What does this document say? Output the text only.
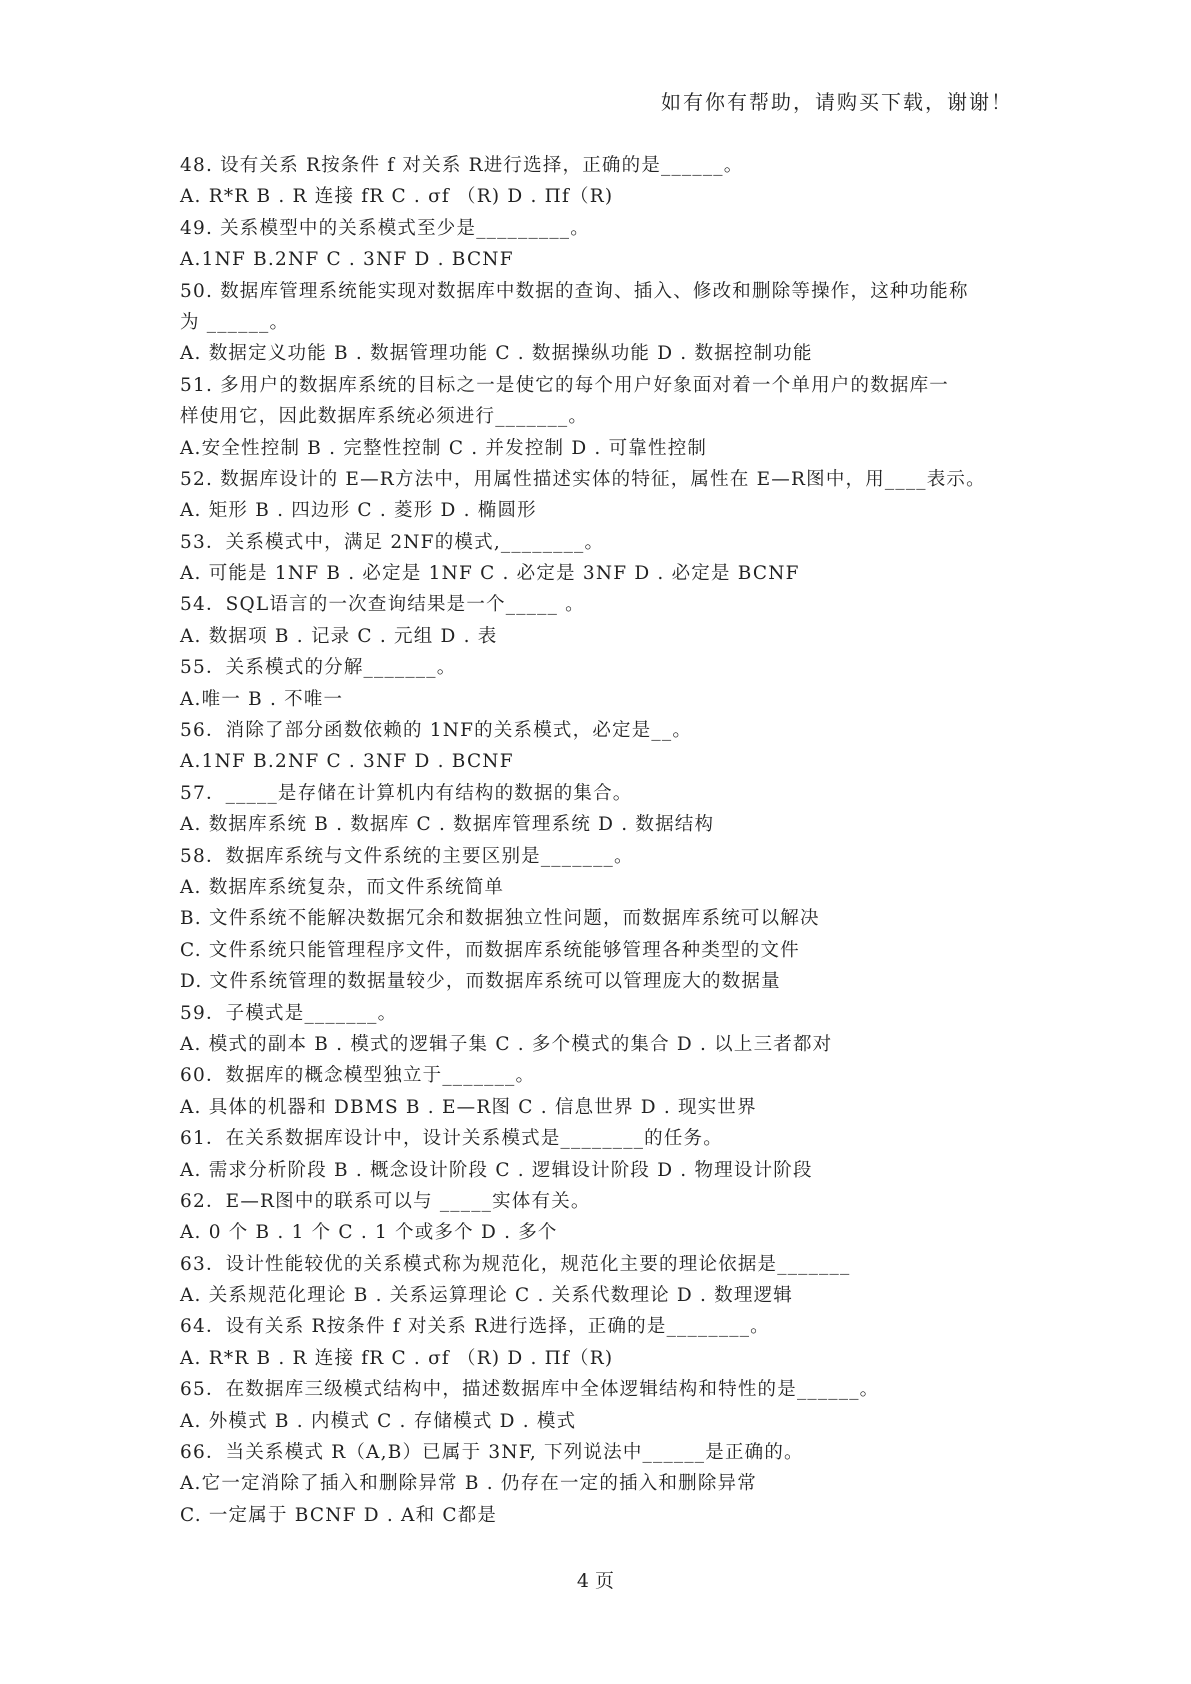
如有你有帮助，请购买下载，谢谢！
48. 设有关系 R按条件 f 对关系 R进行选择，正确的是______。
A. R*R B . R 连接 fR C . σf （R) D . Πf（R)
49. 关系模型中的关系模式至少是_________。
A.1NF B.2NF C . 3NF D . BCNF
50. 数据库管理系统能实现对数据库中数据的查询、插入、修改和删除等操作，这种功能称
为 ______。
A. 数据定义功能 B . 数据管理功能 C . 数据操纵功能 D . 数据控制功能
51. 多用户的数据库系统的目标之一是使它的每个用户好象面对着一个单用户的数据库一
样使用它，因此数据库系统必须进行_______。
A.安全性控制 B . 完整性控制 C . 并发控制 D . 可靠性控制
52. 数据库设计的 E—R方法中，用属性描述实体的特征，属性在 E—R图中，用____表示。
A. 矩形 B . 四边形 C . 菱形 D . 椭圆形
53．关系模式中，满足 2NF的模式,________。
A. 可能是 1NF B . 必定是 1NF C . 必定是 3NF D . 必定是 BCNF
54．SQL语言的一次查询结果是一个_____ 。
A. 数据项 B . 记录 C . 元组 D . 表
55．关系模式的分解_______。
A.唯一 B . 不唯一
56．消除了部分函数依赖的 1NF的关系模式，必定是__。
A.1NF B.2NF C . 3NF D . BCNF
57．_____是存储在计算机内有结构的数据的集合。
A. 数据库系统 B . 数据库 C . 数据库管理系统 D . 数据结构
58．数据库系统与文件系统的主要区别是_______。
A. 数据库系统复杂，而文件系统简单
B. 文件系统不能解决数据冗余和数据独立性问题，而数据库系统可以解决
C. 文件系统只能管理程序文件，而数据库系统能够管理各种类型的文件
D. 文件系统管理的数据量较少，而数据库系统可以管理庞大的数据量
59．子模式是_______。
A. 模式的副本 B . 模式的逻辑子集 C . 多个模式的集合 D . 以上三者都对
60．数据库的概念模型独立于_______。
A. 具体的机器和 DBMS B . E—R图 C . 信息世界 D . 现实世界
61．在关系数据库设计中，设计关系模式是________的任务。
A. 需求分析阶段 B . 概念设计阶段 C . 逻辑设计阶段 D . 物理设计阶段
62．E—R图中的联系可以与 _____实体有关。
A. 0 个 B . 1 个 C . 1 个或多个 D . 多个
63．设计性能较优的关系模式称为规范化，规范化主要的理论依据是_______
A. 关系规范化理论 B . 关系运算理论 C . 关系代数理论 D . 数理逻辑
64．设有关系 R按条件 f 对关系 R进行选择，正确的是________。
A. R*R B . R 连接 fR C . σf （R) D . Πf（R)
65．在数据库三级模式结构中，描述数据库中全体逻辑结构和特性的是______。
A. 外模式 B . 内模式 C . 存储模式 D . 模式
66．当关系模式 R（A,B）已属于 3NF, 下列说法中______是正确的。
A.它一定消除了插入和删除异常 B . 仍存在一定的插入和删除异常
C. 一定属于 BCNF D . A和 C都是
4 页
